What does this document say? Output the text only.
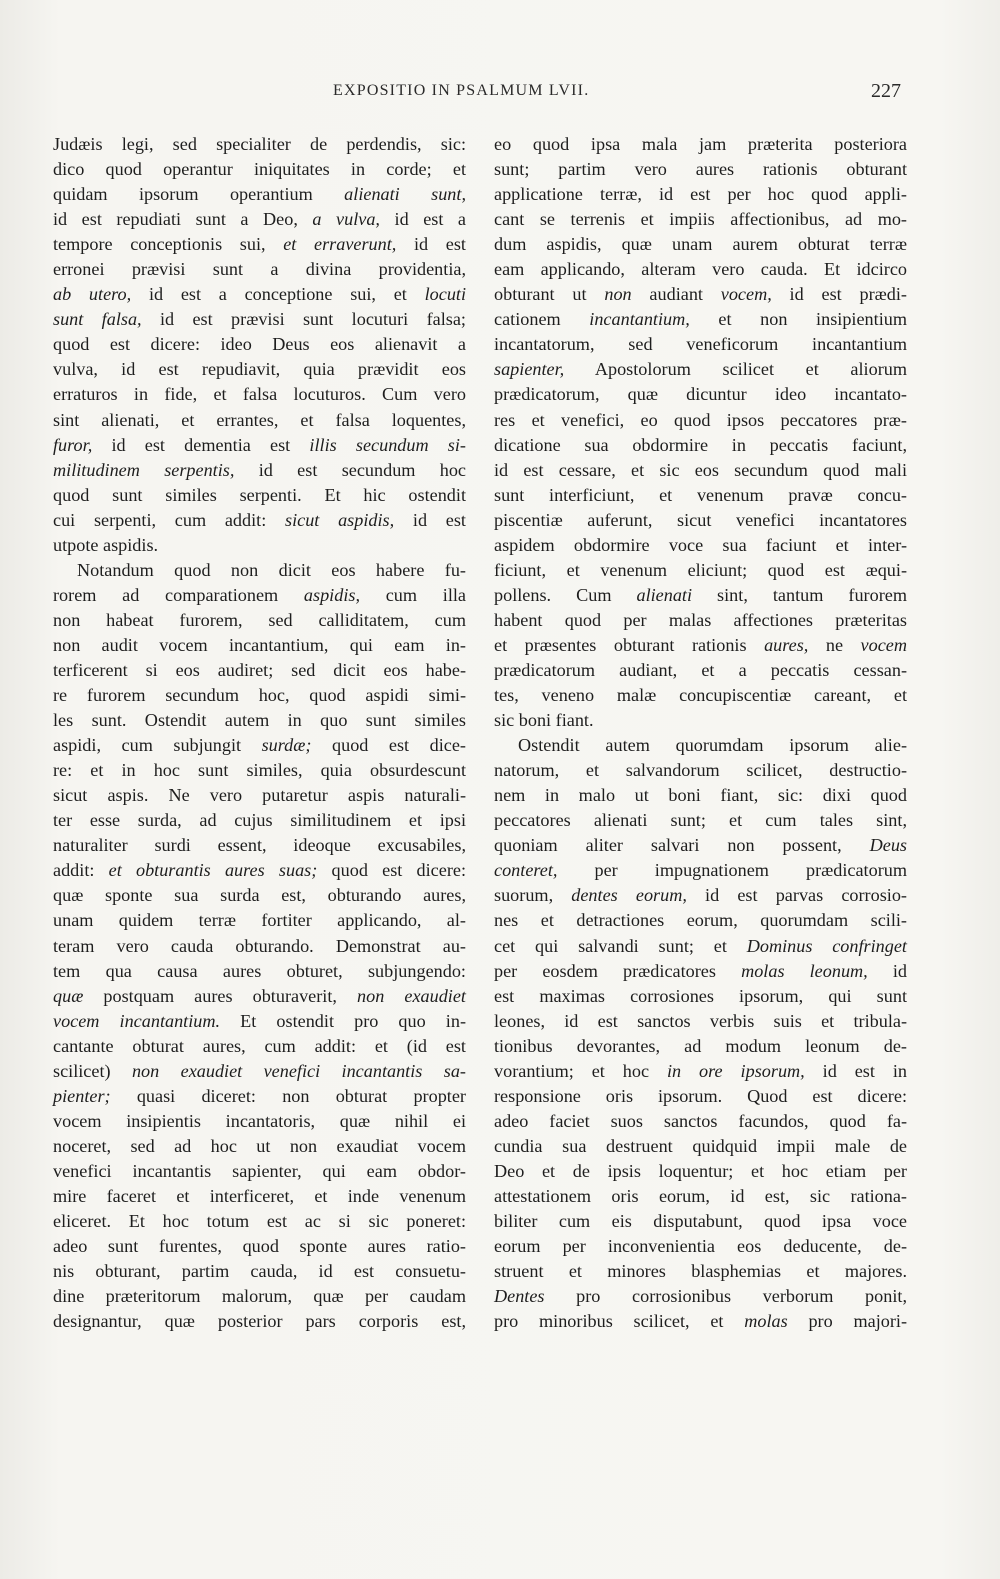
EXPOSITIO IN PSALMUM LVII.	227
Judæis legi, sed specialiter de perdendis, sic:
dico quod operantur iniquitates in corde; et
quidam ipsorum operantium alienati sunt,
id est repudiati sunt a Deo, a vulva, id est a
tempore conceptionis sui, et erraverunt, id est
erronei prævisi sunt a divina providentia,
ab utero, id est a conceptione sui, et locuti
sunt falsa, id est prævisi sunt locuturi falsa;
quod est dicere: ideo Deus eos alienavit a
vulva, id est repudiavit, quia prævidit eos
erraturos in fide, et falsa locuturos. Cum vero
sint alienati, et errantes, et falsa loquentes,
furor, id est dementia est illis secundum si-
militudinem serpentis, id est secundum hoc
quod sunt similes serpenti. Et hic ostendit
cui serpenti, cum addit: sicut aspidis, id est
utpote aspidis.
Notandum quod non dicit eos habere fu-
rorem ad comparationem aspidis, cum illa
non habeat furorem, sed calliditatem, cum
non audit vocem incantantium, qui eam in-
terficerent si eos audiret; sed dicit eos habe-
re furorem secundum hoc, quod aspidi simi-
les sunt. Ostendit autem in quo sunt similes
aspidi, cum subjungit surdæ; quod est dice-
re: et in hoc sunt similes, quia obsurdescunt
sicut aspis. Ne vero putaretur aspis naturali-
ter esse surda, ad cujus similitudinem et ipsi
naturaliter surdi essent, ideoque excusabiles,
addit: et obturantis aures suas; quod est dicere:
quæ sponte sua surda est, obturando aures,
unam quidem terræ fortiter applicando, al-
teram vero cauda obturando. Demonstrat au-
tem qua causa aures obturet, subjungendo:
quæ postquam aures obturaverit, non exaudiet
vocem incantantium. Et ostendit pro quo in-
cantante obturat aures, cum addit: et (id est
scilicet) non exaudiet venefici incantantis sa-
pienter; quasi diceret: non obturat propter
vocem insipientis incantatoris, quæ nihil ei
noceret, sed ad hoc ut non exaudiat vocem
venefici incantantis sapienter, qui eam obdor-
mire faceret et interficeret, et inde venenum
eliceret. Et hoc totum est ac si sic poneret:
adeo sunt furentes, quod sponte aures ratio-
nis obturant, partim cauda, id est consuetu-
dine præteritorum malorum, quæ per caudam
designantur, quæ posterior pars corporis est,
eo quod ipsa mala jam præterita posteriora
sunt; partim vero aures rationis obturant
applicatione terræ, id est per hoc quod appli-
cant se terrenis et impiis affectionibus, ad mo-
dum aspidis, quæ unam aurem obturat terræ
eam applicando, alteram vero cauda. Et idcirco
obturant ut non audiant vocem, id est prædi-
cationem incantantium, et non insipientium
incantatorum, sed veneficorum incantantium
sapienter, Apostolorum scilicet et aliorum
prædicatorum, quæ dicuntur ideo incantato-
res et venefici, eo quod ipsos peccatores præ-
dicatione sua obdormire in peccatis faciunt,
id est cessare, et sic eos secundum quod mali
sunt interficiunt, et venenum pravæ concu-
piscentiæ auferunt, sicut venefici incantatores
aspidem obdormire voce sua faciunt et inter-
ficiunt, et venenum eliciunt; quod est æqui-
pollens. Cum alienati sint, tantum furorem
habent quod per malas affectiones præteritas
et præsentes obturant rationis aures, ne vocem
prædicatorum audiant, et a peccatis cessan-
tes, veneno malæ concupiscentiæ careant, et
sic boni fiant.
Ostendit autem quorumdam ipsorum alie-
natorum, et salvandorum scilicet, destructio-
nem in malo ut boni fiant, sic: dixi quod
peccatores alienati sunt; et cum tales sint,
quoniam aliter salvari non possent, Deus
conteret, per impugnationem prædicatorum
suorum, dentes eorum, id est parvas corrosio-
nes et detractiones eorum, quorumdam scili-
cet qui salvandi sunt; et Dominus confringet
per eosdem prædicatores molas leonum, id
est maximas corrosiones ipsorum, qui sunt
leones, id est sanctos verbis suis et tribula-
tionibus devorantes, ad modum leonum de-
vorantium; et hoc in ore ipsorum, id est in
responsione oris ipsorum. Quod est dicere:
adeo faciet suos sanctos facundos, quod fa-
cundia sua destruent quidquid impii male de
Deo et de ipsis loquentur; et hoc etiam per
attestationem oris eorum, id est, sic rationa-
biliter cum eis disputabunt, quod ipsa voce
eorum per inconvenientia eos deducente, de-
struent et minores blasphemias et majores.
Dentes pro corrosionibus verborum ponit,
pro minoribus scilicet, et molas pro majori-
